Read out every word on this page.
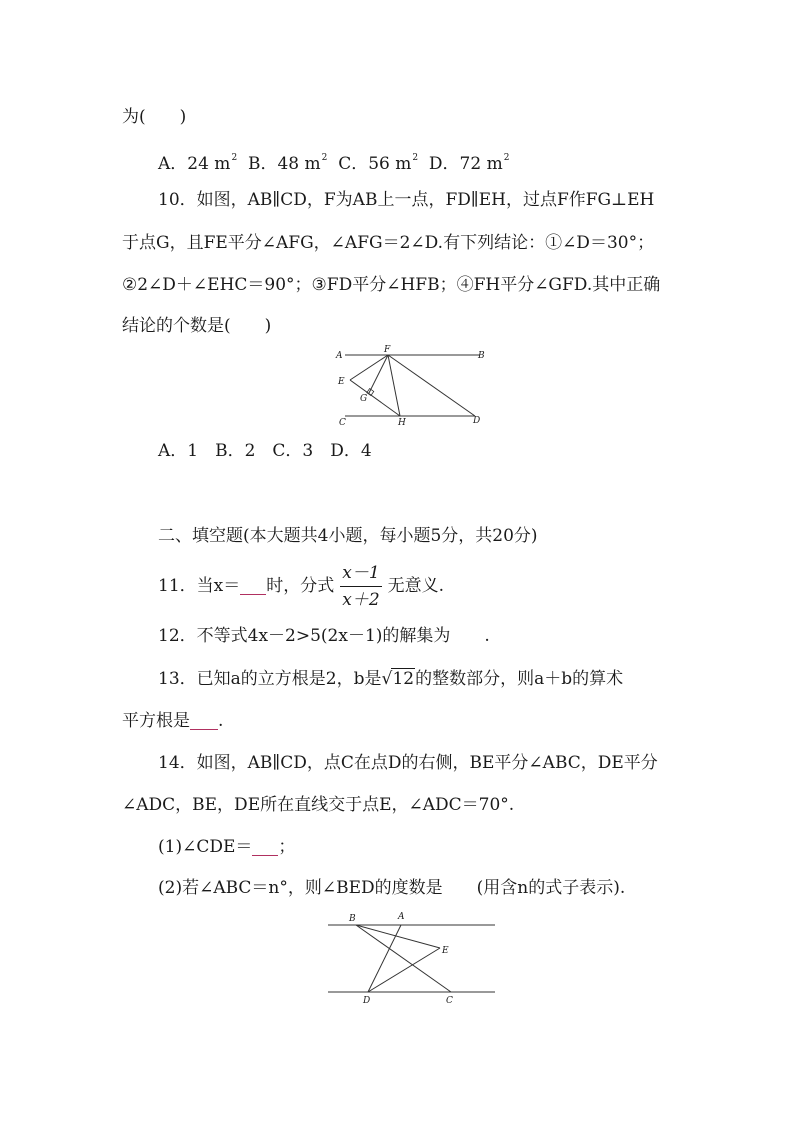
为(　　)
A．24 m2 B．48 m2 C．56 m2 D．72 m2
10．如图，AB∥CD，F为AB上一点，FD∥EH，过点F作FG⊥EH
于点G，且FE平分∠AFG，∠AFG＝2∠D.有下列结论：①∠D＝30°；
②2∠D＋∠EHC＝90°；③FD平分∠HFB；④FH平分∠GFD.其中正确
结论的个数是(　　)
A
F
B
E
G
C	H	D
A．1　B．2　C．3　D．4
二、填空题(本大题共4小题，每小题5分，共20分)
11．当x＝ 时，分式 $\frac{x-1}{x+2}$ 无意义.
12．不等式4x－2>5(2x－1)的解集为　　.
13．已知a的立方根是2，b是 √ 12的整数部分，则a＋b的算术
平方根是 .
14．如图，AB∥CD，点C在点D的右侧，BE平分∠ABC，DE平分
∠ADC，BE，DE所在直线交于点E，∠ADC＝70°.
(1)∠CDE＝ ；
(2)若∠ABC＝n°，则∠BED的度数是　　(用含n的式子表示).
B	A
E
D	C
